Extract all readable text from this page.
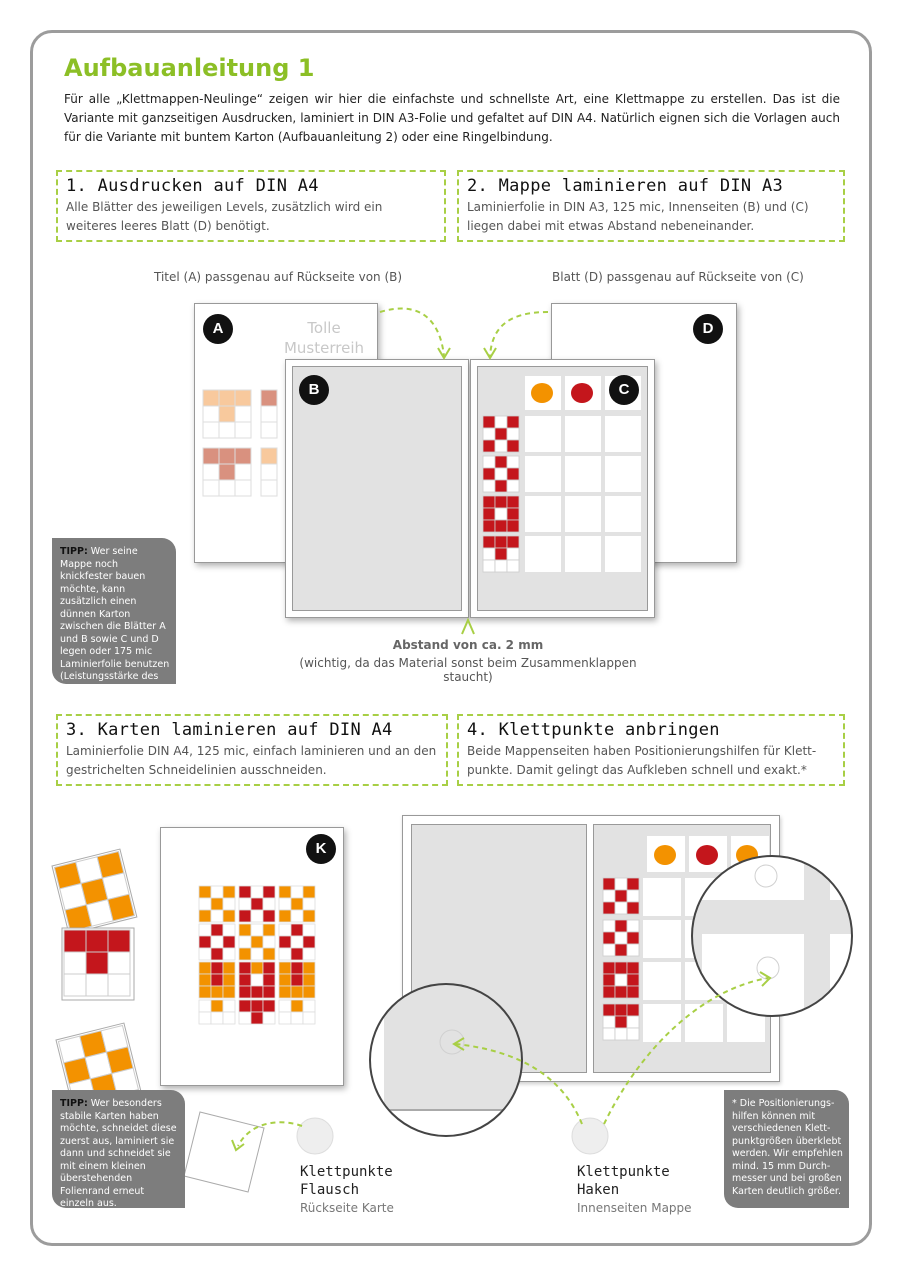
Aufbauanleitung 1

Für alle „Klettmappen-Neulinge“ zeigen wir hier die einfachste und schnellste Art, eine Klettmappe zu erstellen. Das ist die Variante mit ganzseitigen Ausdrucken, laminiert in DIN A3-Folie und gefaltet auf DIN A4. Natürlich eignen sich die Vorlagen auch für die Variante mit buntem Karton (Aufbauanleitung 2) oder eine Ringelbindung.

1. Ausdrucken auf DIN A4

Alle Blätter des jeweiligen Levels, zusätzlich wird ein weiteres leeres Blatt (D) benötigt.

2. Mappe laminieren auf DIN A3

Laminierfolie in DIN A3, 125 mic, Innenseiten (B) und (C) liegen dabei mit etwas Abstand nebeneinander.

Titel (A) passgenau auf Rückseite von (B)	Blatt (D) passgenau auf Rückseite von (C)
Tolle Musterreih
A	D
B	C
Abstand von ca. 2 mm
(wichtig, da das Material sonst beim Zusammenklappen staucht)
TIPP: Wer seine Mappe noch knickfester bauen möchte, kann zusätzlich einen dünnen Karton zwischen die Blätter A und B sowie C und D legen oder 175 mic Laminierfolie benutzen (Leistungsstärke des Gerätes beachten!).
3. Karten laminieren auf DIN A4

Laminierfolie DIN A4, 125 mic, einfach laminieren und an den gestrichelten Schneidelinien ausschneiden.

4. Klettpunkte anbringen

Beide Mappenseiten haben Positionierungshilfen für Klett-punkte. Damit gelingt das Aufkleben schnell und exakt.*

K
TIPP: Wer besonders stabile Karten haben möchte, schneidet diese zuerst aus, laminiert sie dann und schneidet sie mit einem kleinen überstehenden Folienrand erneut einzeln aus.
* Die Positionierungs-hilfen können mit verschiedenen Klett-punktgrößen überklebt werden. Wir empfehlen mind. 15 mm Durch-messer und bei großen Karten deutlich größer.
Klettpunkte
Flausch
Rückseite Karte
Klettpunkte
Haken
Innenseiten Mappe
